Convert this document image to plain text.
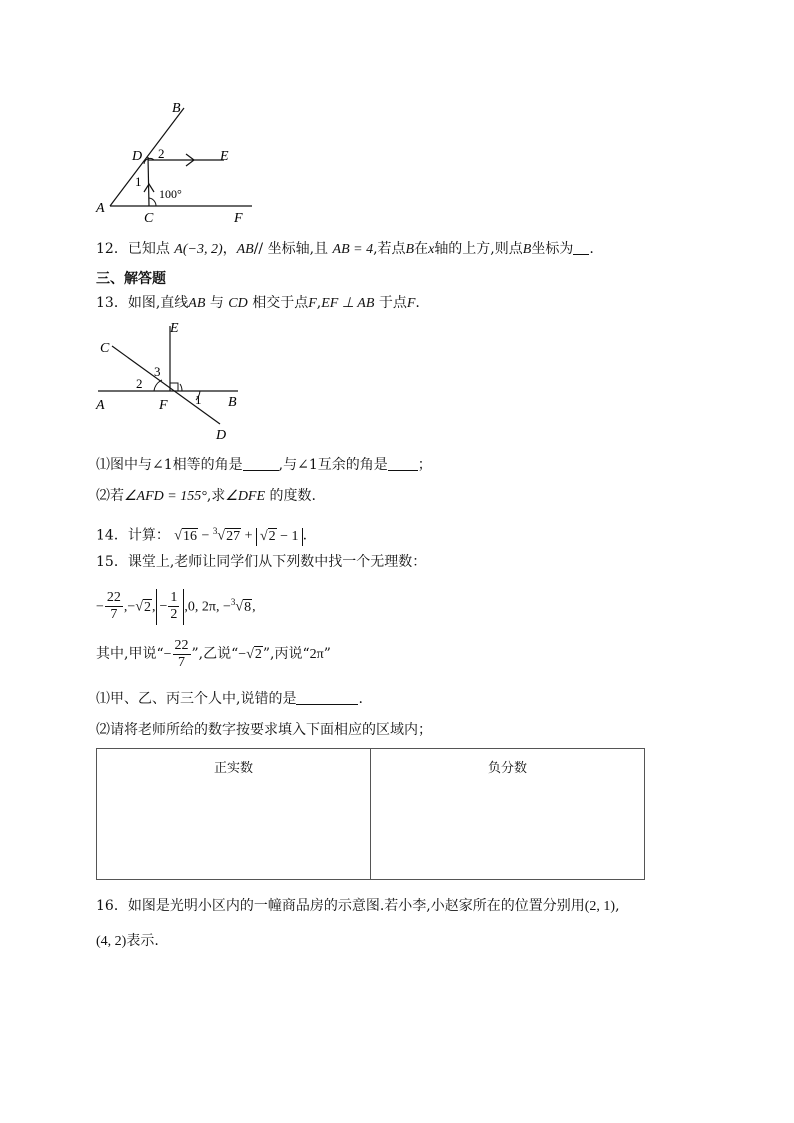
B
D 2	E
1
100°
A
C	F
12．已知点 A(−3, 2)，AB// 坐标轴,且 AB = 4,若点B在x轴的上方,则点B坐标为 .
三、解答题
13．如图,直线AB 与 CD 相交于点F,EF ⊥ AB 于点F.
E
C
3
2
A	F 1 B
D
⑴图中与∠1相等的角是	,与∠1互余的角是 ；
⑵若∠AFD = 155°,求∠DFE 的度数.
14．计算： √16 − $^3$√27 + √2 − 1 .
15．课堂上,老师让同学们从下列数中找一个无理数：
− $\frac{22}{7} ,-√2$, − $\frac{1}{2} ,0$, 2π, −$^3$√8,
其中,甲说“− $\frac{22}{7}$ ”,乙说“−√2”,丙说“2π”
⑴甲、乙、丙三个人中,说错的是	.
⑵请将老师所给的数字按要求填入下面相应的区域内；
正实数	负分数
16．如图是光明小区内的一幢商品房的示意图.若小李,小赵家所在的位置分别用(2, 1),
(4, 2)表示.
